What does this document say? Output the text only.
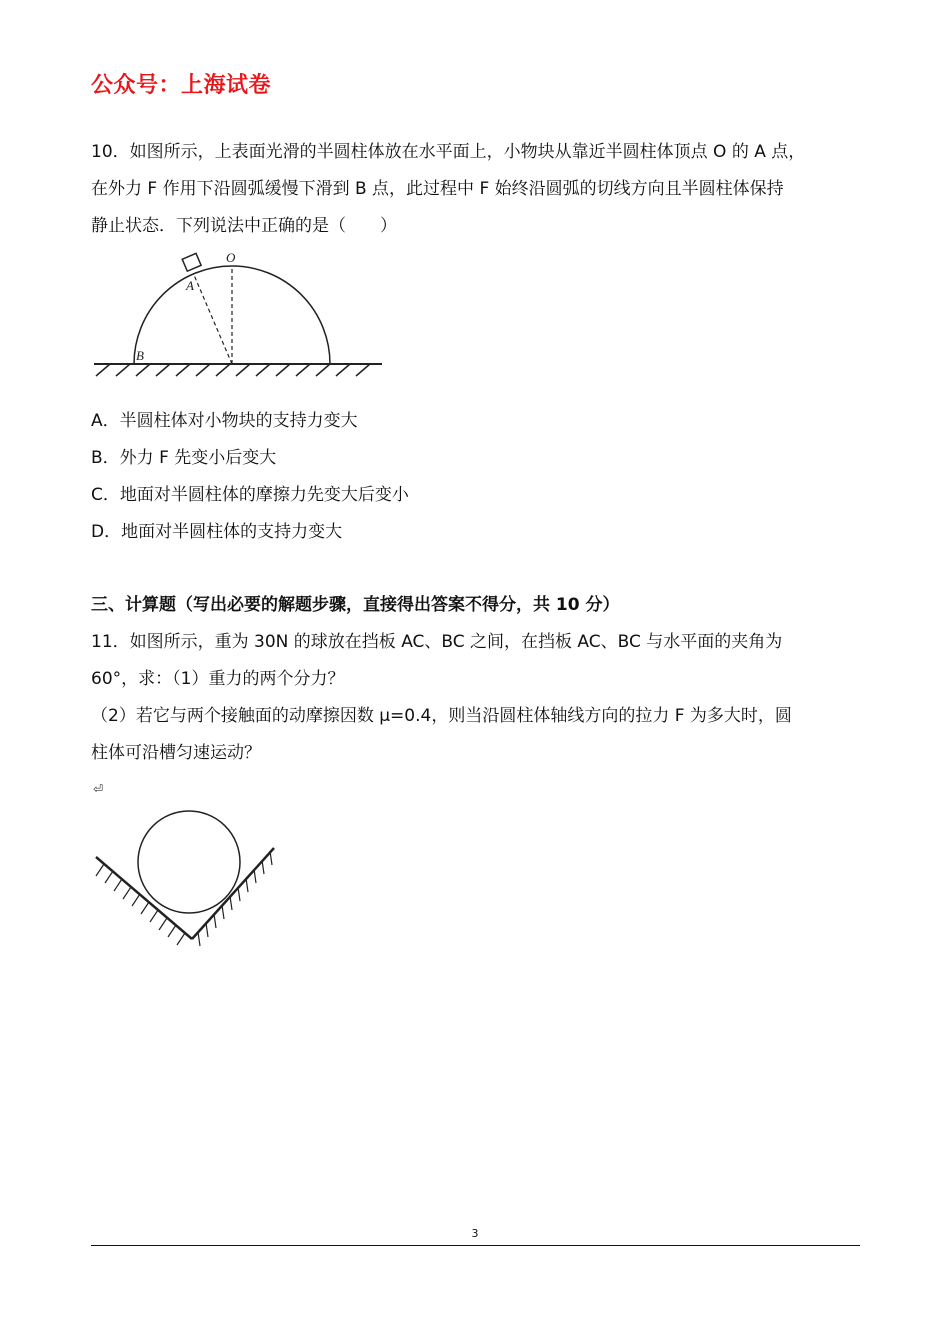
公众号：上海试卷

10．如图所示，上表面光滑的半圆柱体放在水平面上，小物块从靠近半圆柱体顶点 O 的 A 点，

在外力 F 作用下沿圆弧缓慢下滑到 B 点，此过程中 F 始终沿圆弧的切线方向且半圆柱体保持

静止状态．下列说法中正确的是（　　）

O
A
B

A．半圆柱体对小物块的支持力变大

B．外力 F 先变小后变大

C．地面对半圆柱体的摩擦力先变大后变小

D．地面对半圆柱体的支持力变大

三、计算题（写出必要的解题步骤，直接得出答案不得分，共 10 分）

11．如图所示，重为 30N 的球放在挡板 AC、BC 之间，在挡板 AC、BC 与水平面的夹角为

60°，求：（1）重力的两个分力？

（2）若它与两个接触面的动摩擦因数 μ=0.4，则当沿圆柱体轴线方向的拉力 F 为多大时，圆

柱体可沿槽匀速运动？

⏎
3
